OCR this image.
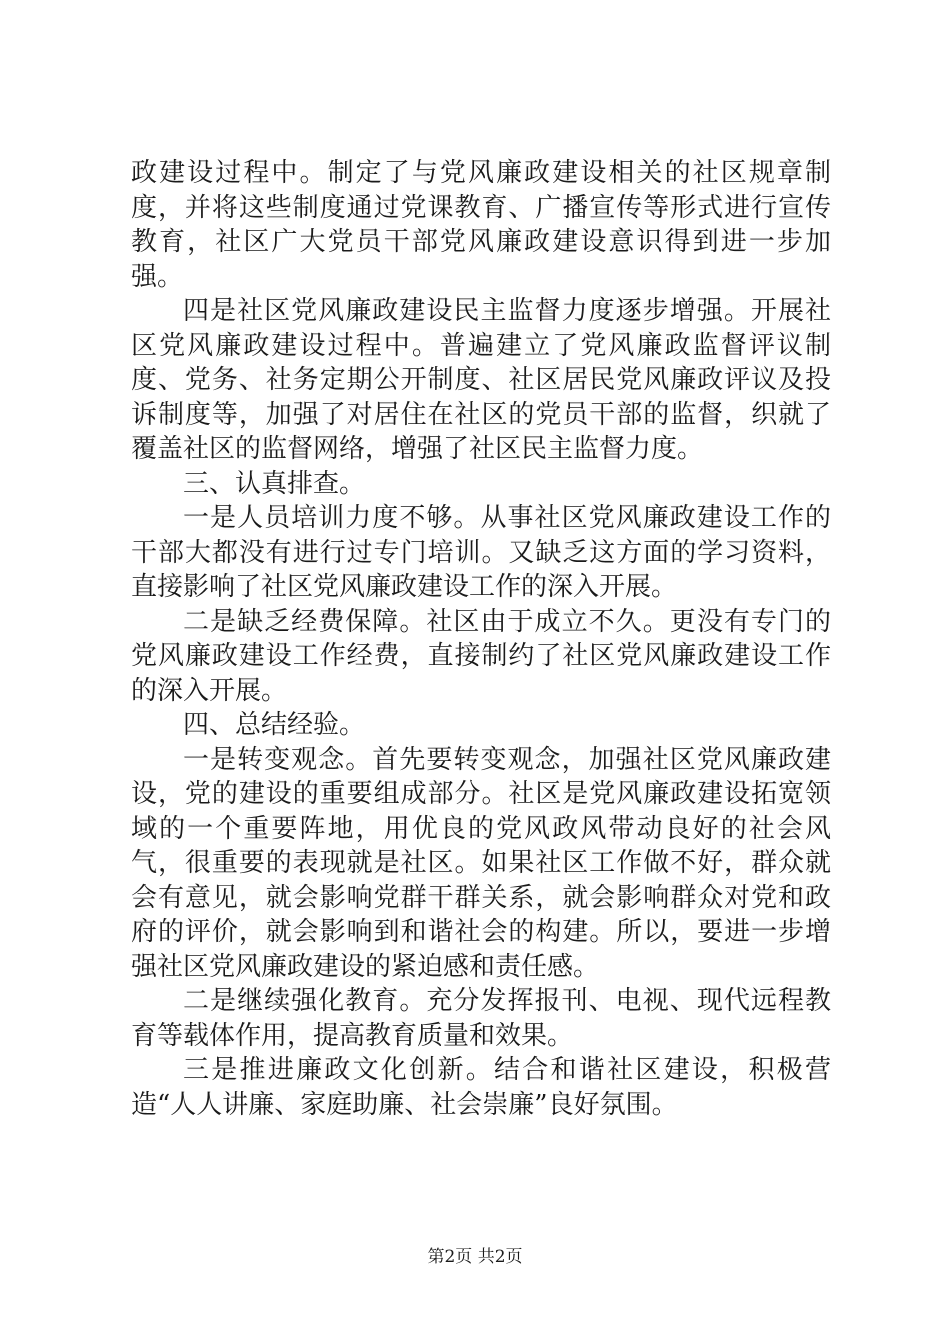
政建设过程中。制定了与党风廉政建设相关的社区规章制度，并将这些制度通过党课教育、广播宣传等形式进行宣传教育，社区广大党员干部党风廉政建设意识得到进一步加强。

四是社区党风廉政建设民主监督力度逐步增强。开展社区党风廉政建设过程中。普遍建立了党风廉政监督评议制度、党务、社务定期公开制度、社区居民党风廉政评议及投诉制度等，加强了对居住在社区的党员干部的监督，织就了覆盖社区的监督网络，增强了社区民主监督力度。

三、认真排查。

一是人员培训力度不够。从事社区党风廉政建设工作的干部大都没有进行过专门培训。又缺乏这方面的学习资料，直接影响了社区党风廉政建设工作的深入开展。

二是缺乏经费保障。社区由于成立不久。更没有专门的党风廉政建设工作经费，直接制约了社区党风廉政建设工作的深入开展。

四、总结经验。

一是转变观念。首先要转变观念，加强社区党风廉政建设，党的建设的重要组成部分。社区是党风廉政建设拓宽领域的一个重要阵地，用优良的党风政风带动良好的社会风气，很重要的表现就是社区。如果社区工作做不好，群众就会有意见，就会影响党群干群关系，就会影响群众对党和政府的评价，就会影响到和谐社会的构建。所以，要进一步增强社区党风廉政建设的紧迫感和责任感。

二是继续强化教育。充分发挥报刊、电视、现代远程教育等载体作用，提高教育质量和效果。

三是推进廉政文化创新。结合和谐社区建设，积极营造“人人讲廉、家庭助廉、社会崇廉”良好氛围。

第2页 共2页
